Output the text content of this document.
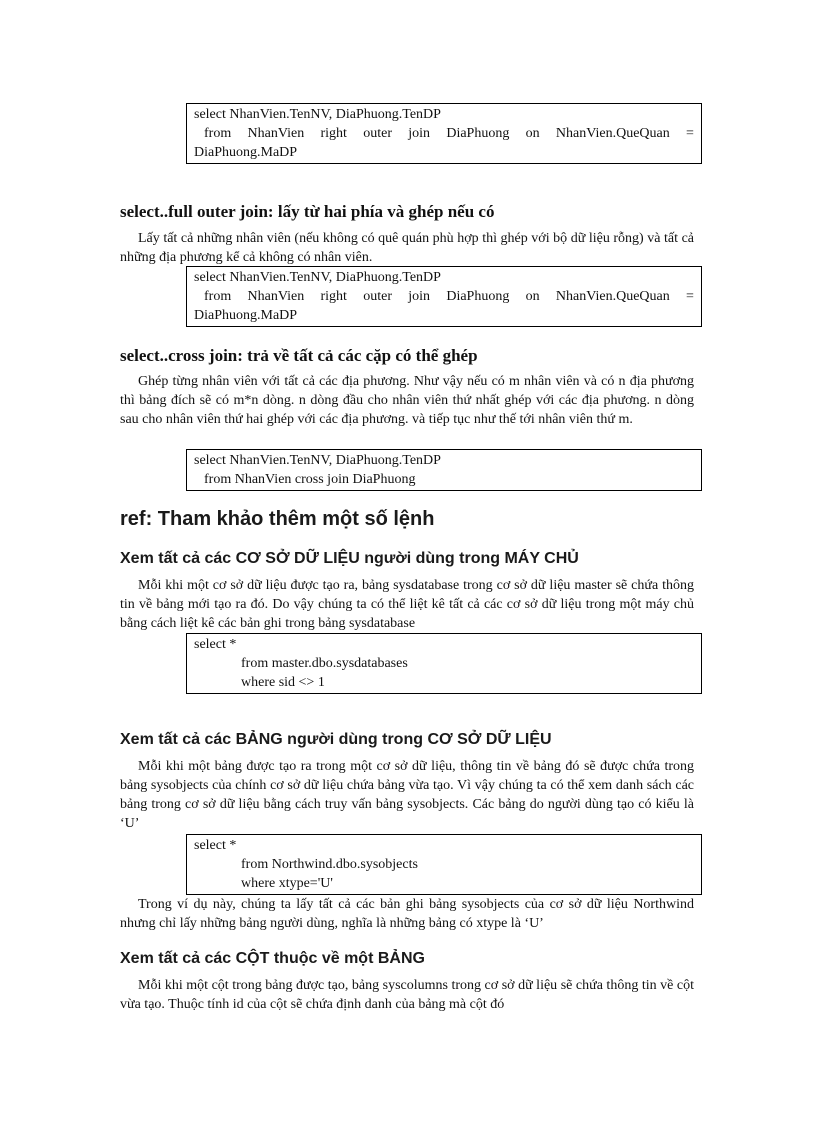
select NhanVien.TenNV, DiaPhuong.TenDP
from NhanVien right outer join DiaPhuong on NhanVien.QueQuan =
DiaPhuong.MaDP
select..full outer join: lấy từ hai phía và ghép nếu có
Lấy tất cả những nhân viên (nếu không có quê quán phù hợp thì ghép với bộ dữ liệu rỗng) và tất cả những địa phương kể cả không có nhân viên.
select NhanVien.TenNV, DiaPhuong.TenDP
from NhanVien right outer join DiaPhuong on NhanVien.QueQuan =
DiaPhuong.MaDP
select..cross join: trả về tất cả các cặp có thể ghép
Ghép từng nhân viên với tất cả các địa phương. Như vậy nếu có m nhân viên và có n địa phương thì bảng đích sẽ có m*n dòng. n dòng đầu cho nhân viên thứ nhất ghép với các địa phương. n dòng sau cho nhân viên thứ hai ghép với các địa phương. và tiếp tục như thế tới nhân viên thứ m.
select NhanVien.TenNV, DiaPhuong.TenDP
from NhanVien cross join DiaPhuong
ref: Tham khảo thêm một số lệnh
Xem tất cả các CƠ SỞ DỮ LIỆU người dùng trong MÁY CHỦ
Mỗi khi một cơ sở dữ liệu được tạo ra, bảng sysdatabase trong cơ sở dữ liệu master sẽ chứa thông tin về bảng mới tạo ra đó. Do vậy chúng ta có thể liệt kê tất cả các cơ sở dữ liệu trong một máy chủ bằng cách liệt kê các bản ghi trong bảng sysdatabase
select *
from master.dbo.sysdatabases
where sid <> 1
Xem tất cả các BẢNG người dùng trong CƠ SỞ DỮ LIỆU
Mỗi khi một bảng được tạo ra trong một cơ sở dữ liệu, thông tin về bảng đó sẽ được chứa trong bảng sysobjects của chính cơ sở dữ liệu chứa bảng vừa tạo. Vì vậy chúng ta có thể xem danh sách các bảng trong cơ sở dữ liệu bằng cách truy vấn bảng sysobjects. Các bảng do người dùng tạo có kiểu là ‘U’
select *
from Northwind.dbo.sysobjects
where xtype='U'
Trong ví dụ này, chúng ta lấy tất cả các bản ghi bảng sysobjects của cơ sở dữ liệu Northwind nhưng chỉ lấy những bảng người dùng, nghĩa là những bảng có xtype là ‘U’
Xem tất cả các CỘT thuộc về một BẢNG
Mỗi khi một cột trong bảng được tạo, bảng syscolumns trong cơ sở dữ liệu sẽ chứa thông tin về cột vừa tạo. Thuộc tính id của cột sẽ chứa định danh của bảng mà cột đó
